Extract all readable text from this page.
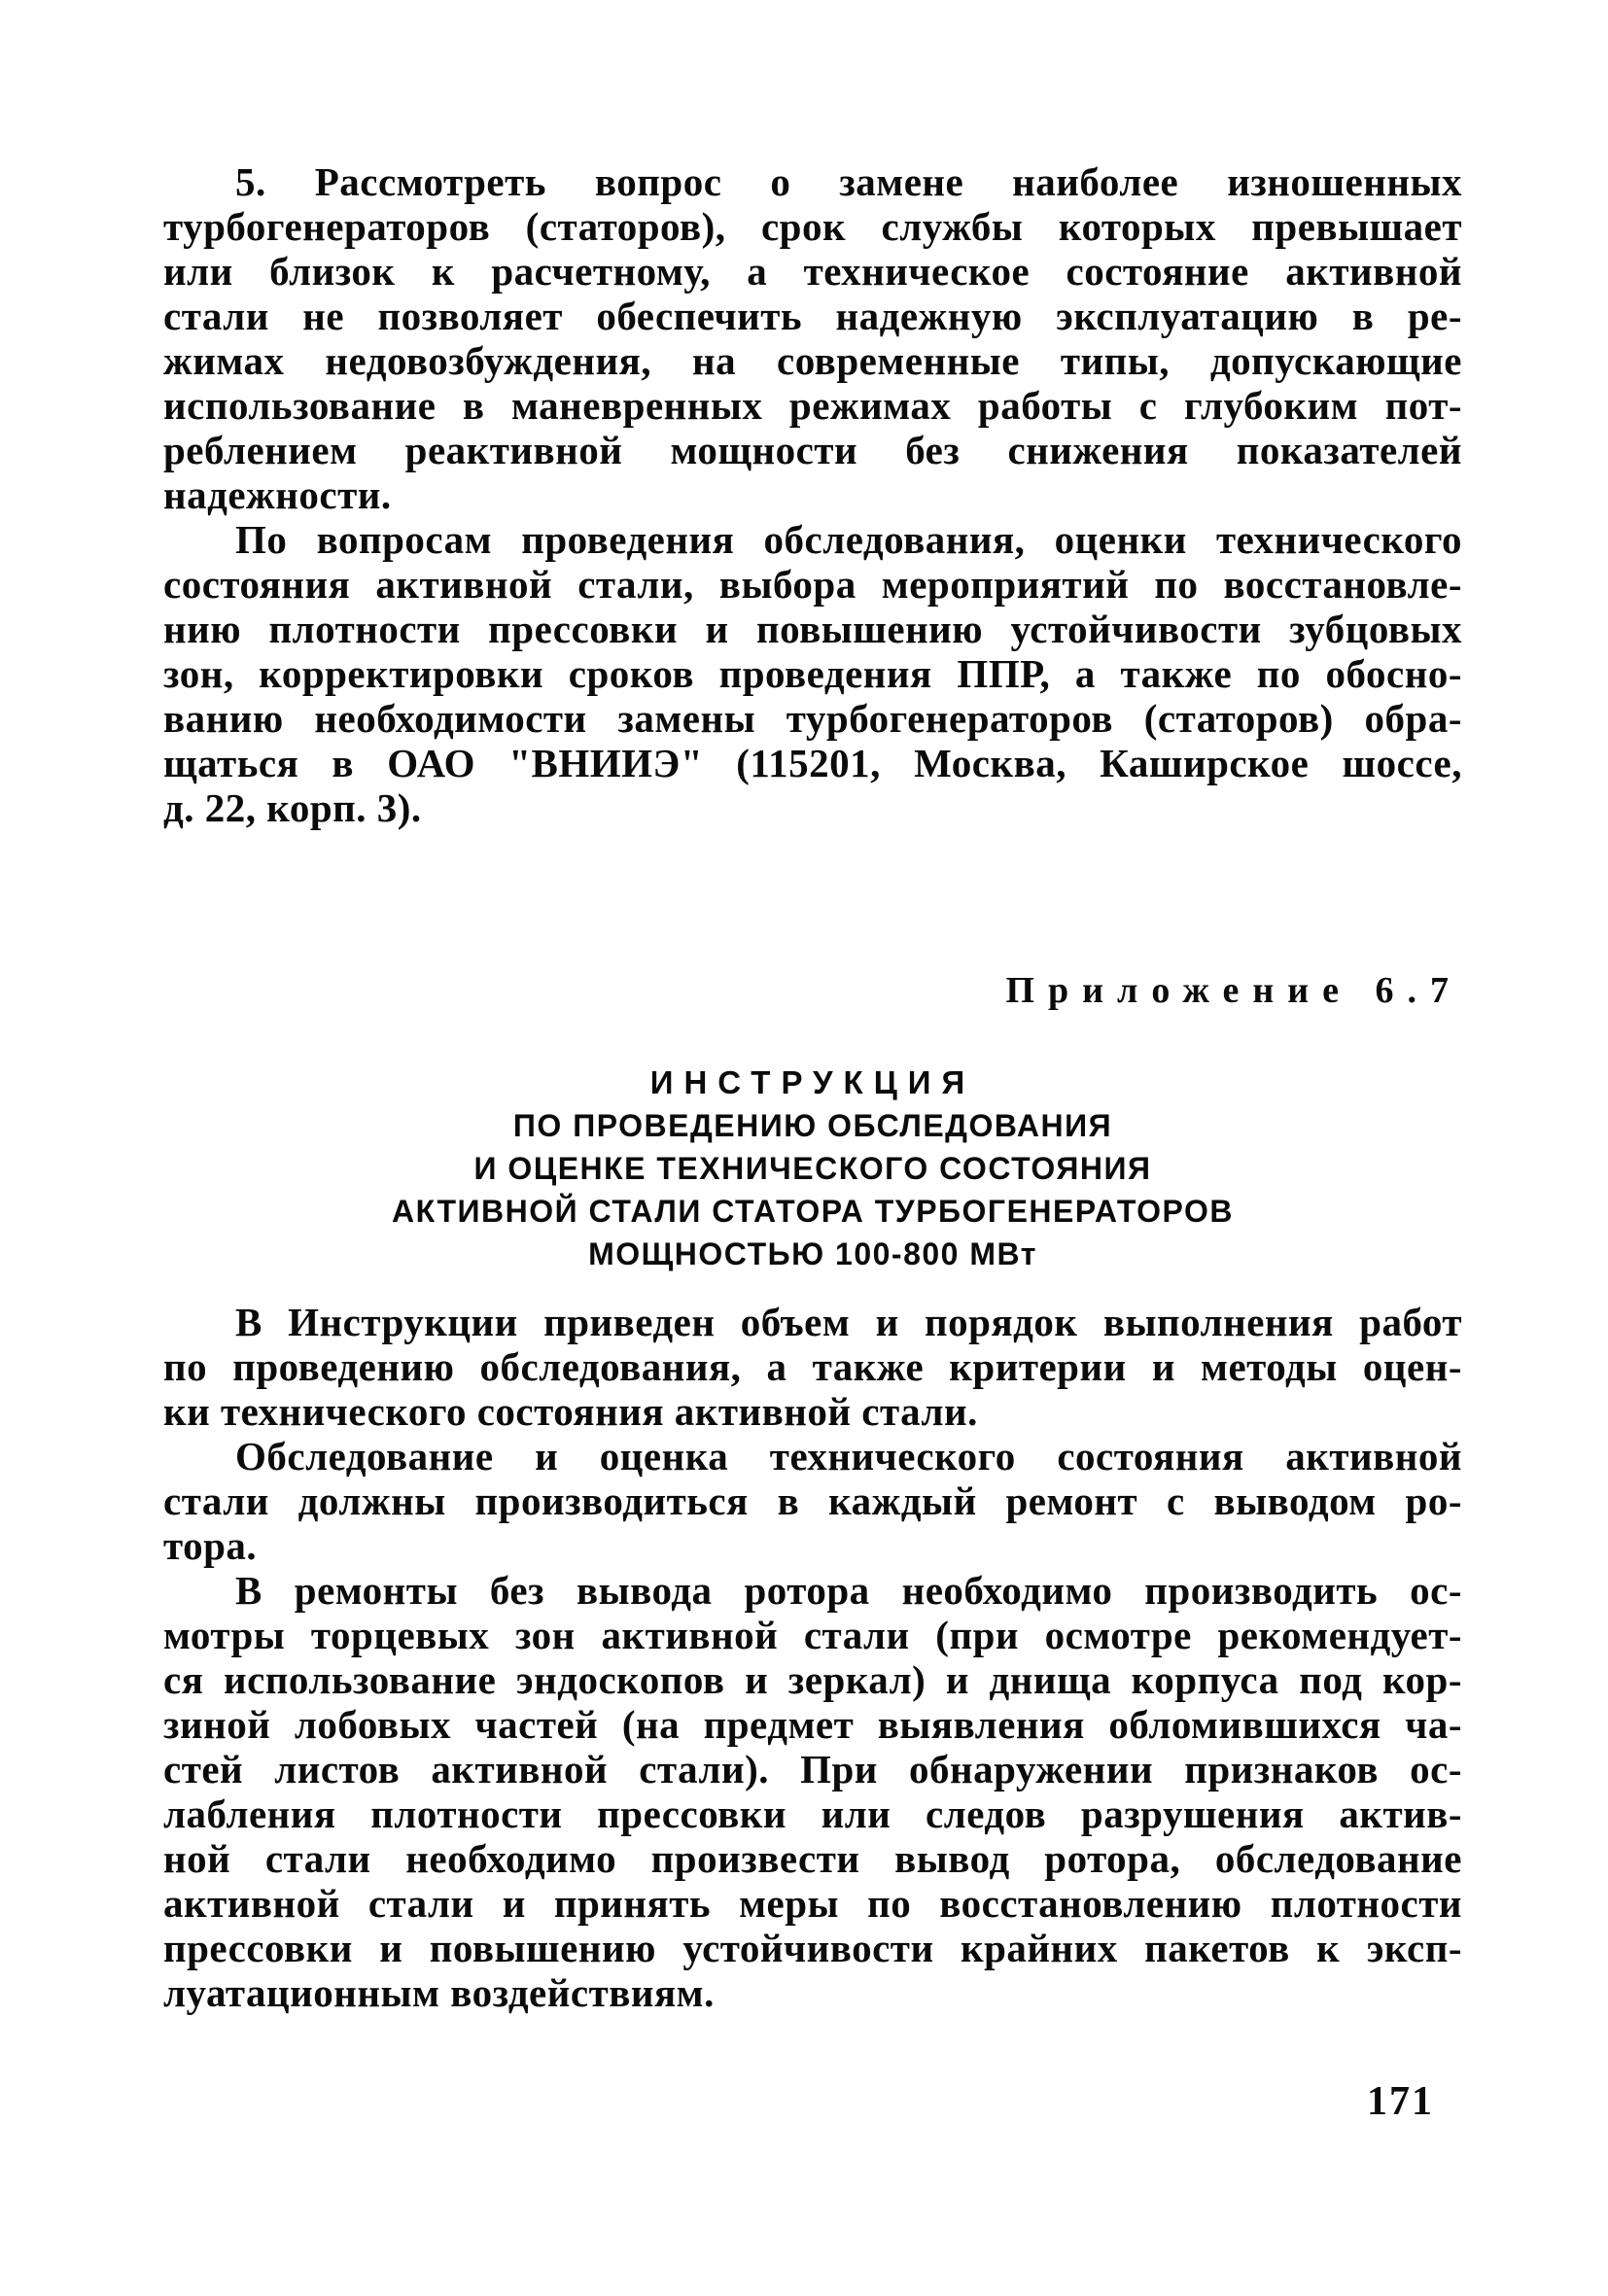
5. Рассмотреть вопрос о замене наиболее изношенных
турбогенераторов (статоров), срок службы которых превышает
или близок к расчетному, а техническое состояние активной
стали не позволяет обеспечить надежную эксплуатацию в ре-
жимах недовозбуждения, на современные типы, допускающие
использование в маневренных режимах работы с глубоким пот-
реблением реактивной мощности без снижения показателей
надежности.
По вопросам проведения обследования, оценки технического
состояния активной стали, выбора мероприятий по восстановле-
нию плотности прессовки и повышению устойчивости зубцовых
зон, корректировки сроков проведения ППР, а также по обосно-
ванию необходимости замены турбогенераторов (статоров) обра-
щаться в ОАО "ВНИИЭ" (115201, Москва, Каширское шоссе,
д. 22, корп. 3).
Приложение 6.7
ИНСТРУКЦИЯ
ПО ПРОВЕДЕНИЮ ОБСЛЕДОВАНИЯ
И ОЦЕНКЕ ТЕХНИЧЕСКОГО СОСТОЯНИЯ
АКТИВНОЙ СТАЛИ СТАТОРА ТУРБОГЕНЕРАТОРОВ
МОЩНОСТЬЮ 100-800 МВт
В Инструкции приведен объем и порядок выполнения работ
по проведению обследования, а также критерии и методы оцен-
ки технического состояния активной стали.
Обследование и оценка технического состояния активной
стали должны производиться в каждый ремонт с выводом ро-
тора.
В ремонты без вывода ротора необходимо производить ос-
мотры торцевых зон активной стали (при осмотре рекомендует-
ся использование эндоскопов и зеркал) и днища корпуса под кор-
зиной лобовых частей (на предмет выявления обломившихся ча-
стей листов активной стали). При обнаружении признаков ос-
лабления плотности прессовки или следов разрушения актив-
ной стали необходимо произвести вывод ротора, обследование
активной стали и принять меры по восстановлению плотности
прессовки и повышению устойчивости крайних пакетов к эксп-
луатационным воздействиям.
171
